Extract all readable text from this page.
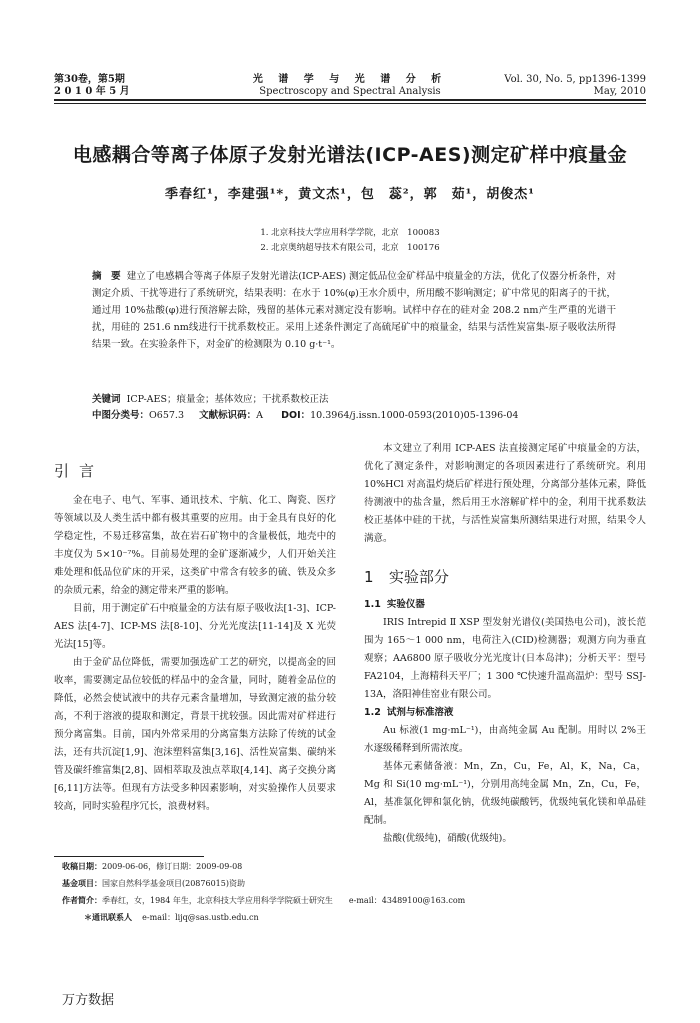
第30卷，第5期
2 0 1 0 年 5 月
光 谱 学 与 光 谱 分 析
Spectroscopy and Spectral Analysis
Vol. 30, No. 5, pp1396-1399
May, 2010
电感耦合等离子体原子发射光谱法(ICP-AES)测定矿样中痕量金
季春红¹，李建强¹*，黄文杰¹，包　蕊²，郭　茹¹，胡俊杰¹
1. 北京科技大学应用科学学院，北京　100083
2. 北京奥纳超导技术有限公司，北京　100176
摘　要 建立了电感耦合等离子体原子发射光谱法(ICP-AES) 测定低品位金矿样品中痕量金的方法，优化了仪器分析条件，对测定介质、干扰等进行了系统研究，结果表明：在水于 10%(φ)王水介质中，所用酸不影响测定；矿中常见的阳离子的干扰，通过用 10%盐酸(φ)进行预溶解去除，残留的基体元素对测定没有影响。试样中存在的硅对金 208.2 nm产生严重的光谱干扰，用硅的 251.6 nm线进行干扰系数校正。采用上述条件测定了高硫尾矿中的痕量金，结果与活性炭富集-原子吸收法所得结果一致。在实验条件下，对金矿的检测限为 0.10 g·t⁻¹。
关键词 ICP-AES；痕量金；基体效应；干扰系数校正法
中图分类号：O657.3 文献标识码：A DOI：10.3964/j.issn.1000-0593(2010)05-1396-04
引言

金在电子、电气、军事、通讯技术、宇航、化工、陶瓷、医疗等领域以及人类生活中都有极其重要的应用。由于金具有良好的化学稳定性，不易迁移富集，故在岩石矿物中的含量极低，地壳中的丰度仅为 5×10⁻⁷%。目前易处理的金矿逐渐减少，人们开始关注难处理和低品位矿床的开采，这类矿中常含有较多的硫、铁及众多的杂质元素，给金的测定带来严重的影响。

目前，用于测定矿石中痕量金的方法有原子吸收法[1-3]、ICP-AES 法[4-7]、ICP-MS 法[8-10]、分光光度法[11-14]及 X 光荧光法[15]等。

由于金矿品位降低，需要加强选矿工艺的研究，以提高金的回收率，需要测定品位较低的样品中的金含量，同时，随着金品位的降低，必然会使试液中的共存元素含量增加，导致测定液的盐分较高，不利于溶液的提取和测定，背景干扰较强。因此需对矿样进行预分离富集。目前，国内外常采用的分离富集方法除了传统的试金法，还有共沉淀[1,9]、泡沫塑料富集[3,16]、活性炭富集、碳纳米管及碳纤维富集[2,8]、固相萃取及浊点萃取[4,14]、离子交换分离[6,11]方法等。但现有方法受多种因素影响，对实验操作人员要求较高，同时实验程序冗长，浪费材料。

本文建立了利用 ICP-AES 法直接测定尾矿中痕量金的方法，优化了测定条件，对影响测定的各项因素进行了系统研究。利用 10%HCl 对高温灼烧后矿样进行预处理，分离部分基体元素，降低待测液中的盐含量，然后用王水溶解矿样中的金，利用干扰系数法校正基体中硅的干扰，与活性炭富集所测结果进行对照，结果令人满意。

1 实验部分
1.1 实验仪器

IRIS Intrepid Ⅱ XSP 型发射光谱仪(美国热电公司)，波长范围为 165～1 000 nm，电荷注入(CID)检测器；观测方向为垂直观察；AA6800 原子吸收分光光度计(日本岛津)；分析天平：型号 FA2104，上海精科天平厂；1 300 ℃快速升温高温炉：型号 SSJ-13A，洛阳神佳窑业有限公司。

1.2 试剂与标准溶液

Au 标液(1 mg·mL⁻¹)，由高纯金属 Au 配制。用时以 2%王水逐级稀释到所需浓度。

基体元素储备液：Mn，Zn，Cu，Fe，Al，K，Na，Ca，Mg 和 Si(10 mg·mL⁻¹)，分别用高纯金属 Mn，Zn，Cu，Fe，Al，基准氯化钾和氯化钠，优级纯碳酸钙，优级纯氧化镁和单晶硅配制。

盐酸(优级纯)，硝酸(优级纯)。

收稿日期：2009-06-06，修订日期：2009-09-08
基金项目：国家自然科学基金项目(20876015)资助
作者简介：季春红，女，1984 年生，北京科技大学应用科学学院硕士研究生　　e-mail：43489100@163.com
＊通讯联系人 e-mail：lijq@sas.ustb.edu.cn
万方数据
